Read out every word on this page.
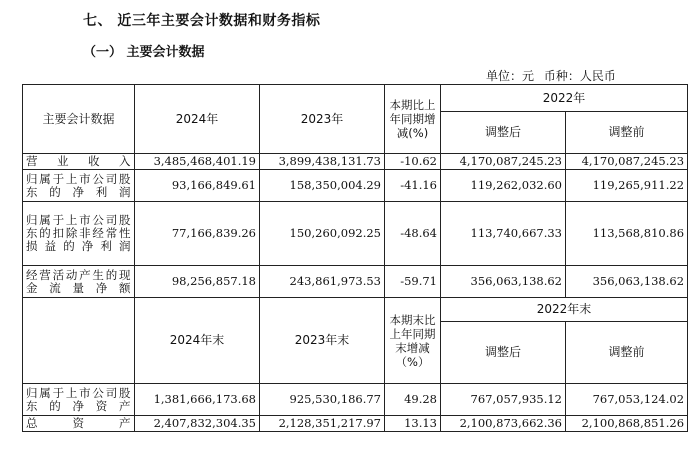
七、 近三年主要会计数据和财务指标
（一） 主要会计数据
单位：元 币种：人民币
主要会计数据	2024年	2023年	本期比上年同期增减(%)	2022年	
				调整后	调整前
营业收入	3,485,468,401.19	3,899,438,131.73	-10.62	4,170,087,245.23	4,170,087,245.23
归属于上市公司股东的净利润	93,166,849.61	158,350,004.29	-41.16	119,262,032.60	119,265,911.22
归属于上市公司股东的扣除非经常性损益的净利润	77,166,839.26	150,260,092.25	-48.64	113,740,667.33	113,568,810.86
经营活动产生的现金流量净额	98,256,857.18	243,861,973.53	-59.71	356,063,138.62	356,063,138.62
	2024年末	2023年末	本期末比上年同期末增减（%）	2022年末	
				调整后	调整前
归属于上市公司股东的净资产	1,381,666,173.68	925,530,186.77	49.28	767,057,935.12	767,053,124.02
总资产	2,407,832,304.35	2,128,351,217.97	13.13	2,100,873,662.36	2,100,868,851.26
